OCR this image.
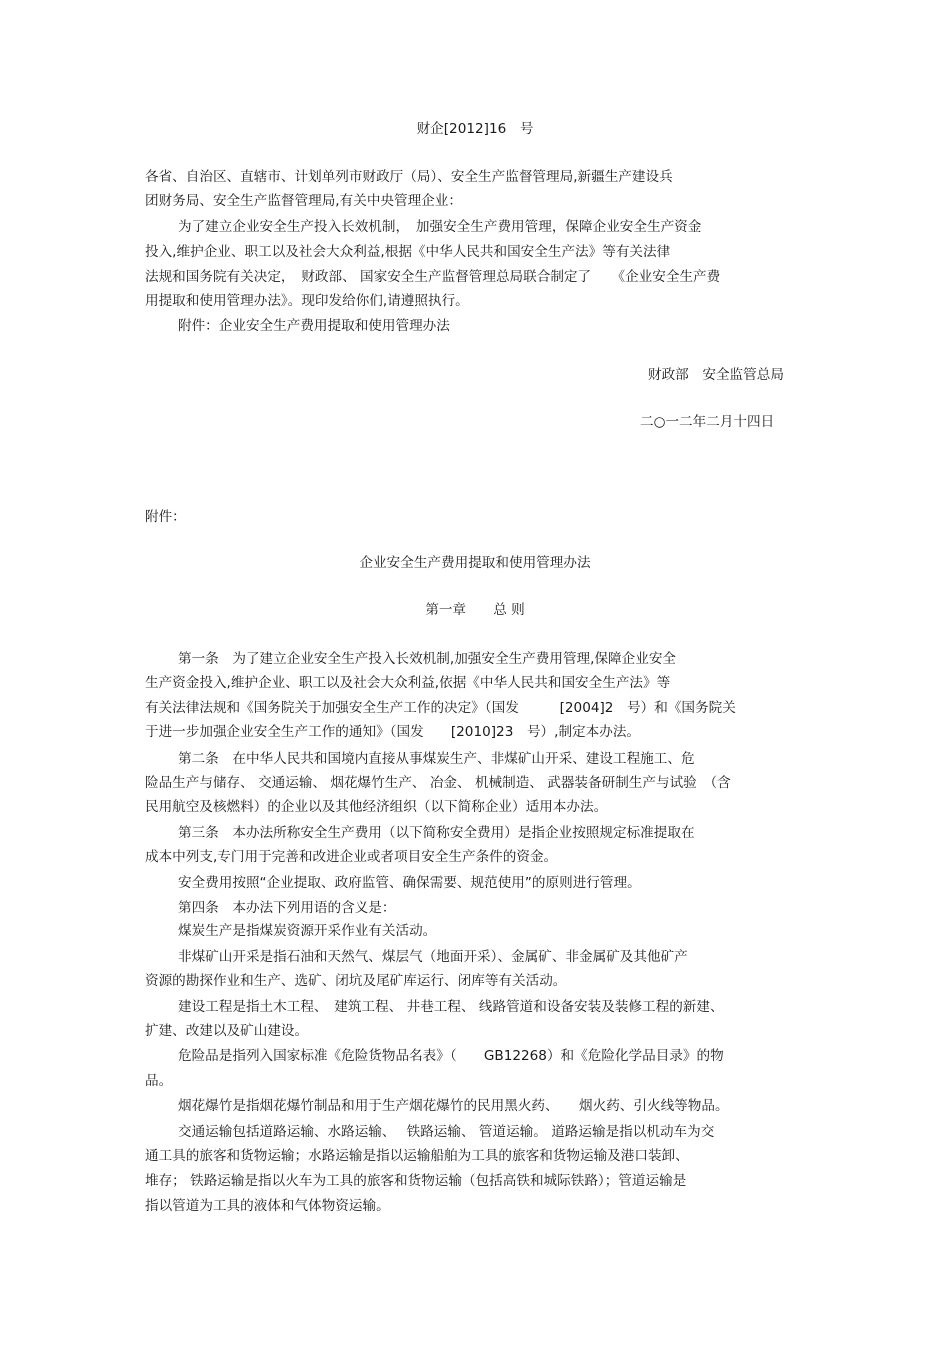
财企[2012]16　号
各省、自治区、直辖市、计划单列市财政厅（局）、安全生产监督管理局,新疆生产建设兵
团财务局、安全生产监督管理局,有关中央管理企业：
为了建立企业安全生产投入长效机制，　加强安全生产费用管理，保障企业安全生产资金
投入,维护企业、职工以及社会大众利益,根据《中华人民共和国安全生产法》等有关法律
法规和国务院有关决定，　财政部、 国家安全生产监督管理总局联合制定了　　《企业安全生产费
用提取和使用管理办法》。现印发给你们,请遵照执行。
附件：企业安全生产费用提取和使用管理办法
财政部　安全监管总局
二○一二年二月十四日
附件：
企业安全生产费用提取和使用管理办法
第一章　　总 则
第一条　为了建立企业安全生产投入长效机制,加强安全生产费用管理,保障企业安全
生产资金投入,维护企业、职工以及社会大众利益,依据《中华人民共和国安全生产法》等
有关法律法规和《国务院关于加强安全生产工作的决定》（国发　　　[2004]2　号）和《国务院关
于进一步加强企业安全生产工作的通知》（国发　　[2010]23　号）,制定本办法。
第二条　在中华人民共和国境内直接从事煤炭生产、非煤矿山开采、建设工程施工、危
险品生产与储存、 交通运输、 烟花爆竹生产、 冶金、 机械制造、 武器装备研制生产与试验　（含
民用航空及核燃料）的企业以及其他经济组织（以下简称企业）适用本办法。
第三条　本办法所称安全生产费用（以下简称安全费用）是指企业按照规定标准提取在
成本中列支,专门用于完善和改进企业或者项目安全生产条件的资金。
安全费用按照“企业提取、政府监管、确保需要、规范使用”的原则进行管理。
第四条　本办法下列用语的含义是：
煤炭生产是指煤炭资源开采作业有关活动。
非煤矿山开采是指石油和天然气、煤层气（地面开采）、金属矿、非金属矿及其他矿产
资源的勘探作业和生产、选矿、闭坑及尾矿库运行、闭库等有关活动。
建设工程是指土木工程、　建筑工程、 井巷工程、 线路管道和设备安装及装修工程的新建、
扩建、改建以及矿山建设。
危险品是指列入国家标准《危险货物品名表》（　　GB12268）和《危险化学品目录》的物
品。
烟花爆竹是指烟花爆竹制品和用于生产烟花爆竹的民用黑火药、　　烟火药、引火线等物品。
交通运输包括道路运输、水路运输、　 铁路运输、 管道运输。 道路运输是指以机动车为交
通工具的旅客和货物运输；水路运输是指以运输船舶为工具的旅客和货物运输及港口装卸、
堆存； 铁路运输是指以火车为工具的旅客和货物运输（包括高铁和城际铁路）；管道运输是
指以管道为工具的液体和气体物资运输。
